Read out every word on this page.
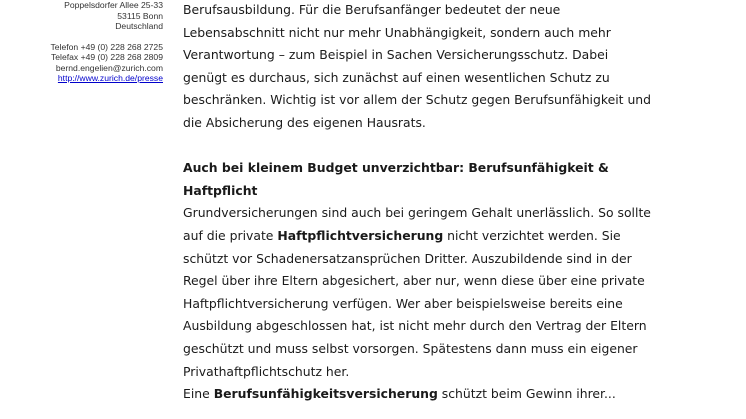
Poppelsdorfer Allee 25-33
53115 Bonn
Deutschland
Telefon +49 (0) 228 268 2725
Telefax +49 (0) 228 268 2809
bernd.engelien@zurich.com
http://www.zurich.de/presse

Berufsausbildung. Für die Berufsanfänger bedeutet der neue Lebensabschnitt nicht nur mehr Unabhängigkeit, sondern auch mehr Verantwortung – zum Beispiel in Sachen Versicherungsschutz. Dabei genügt es durchaus, sich zunächst auf einen wesentlichen Schutz zu beschränken. Wichtig ist vor allem der Schutz gegen Berufsunfähigkeit und die Absicherung des eigenen Hausrats.

Auch bei kleinem Budget unverzichtbar: Berufsunfähigkeit & Haftpflicht

Grundversicherungen sind auch bei geringem Gehalt unerlässlich. So sollte auf die private Haftpflichtversicherung nicht verzichtet werden. Sie schützt vor Schadenersatzansprüchen Dritter. Auszubildende sind in der Regel über ihre Eltern abgesichert, aber nur, wenn diese über eine private Haftpflichtversicherung verfügen. Wer aber beispielsweise bereits eine Ausbildung abgeschlossen hat, ist nicht mehr durch den Vertrag der Eltern geschützt und muss selbst vorsorgen. Spätestens dann muss ein eigener Privathaftpflichtschutz her.

Eine Berufsunfähigkeitsversicherung schützt beim Gewinn ihrer...
